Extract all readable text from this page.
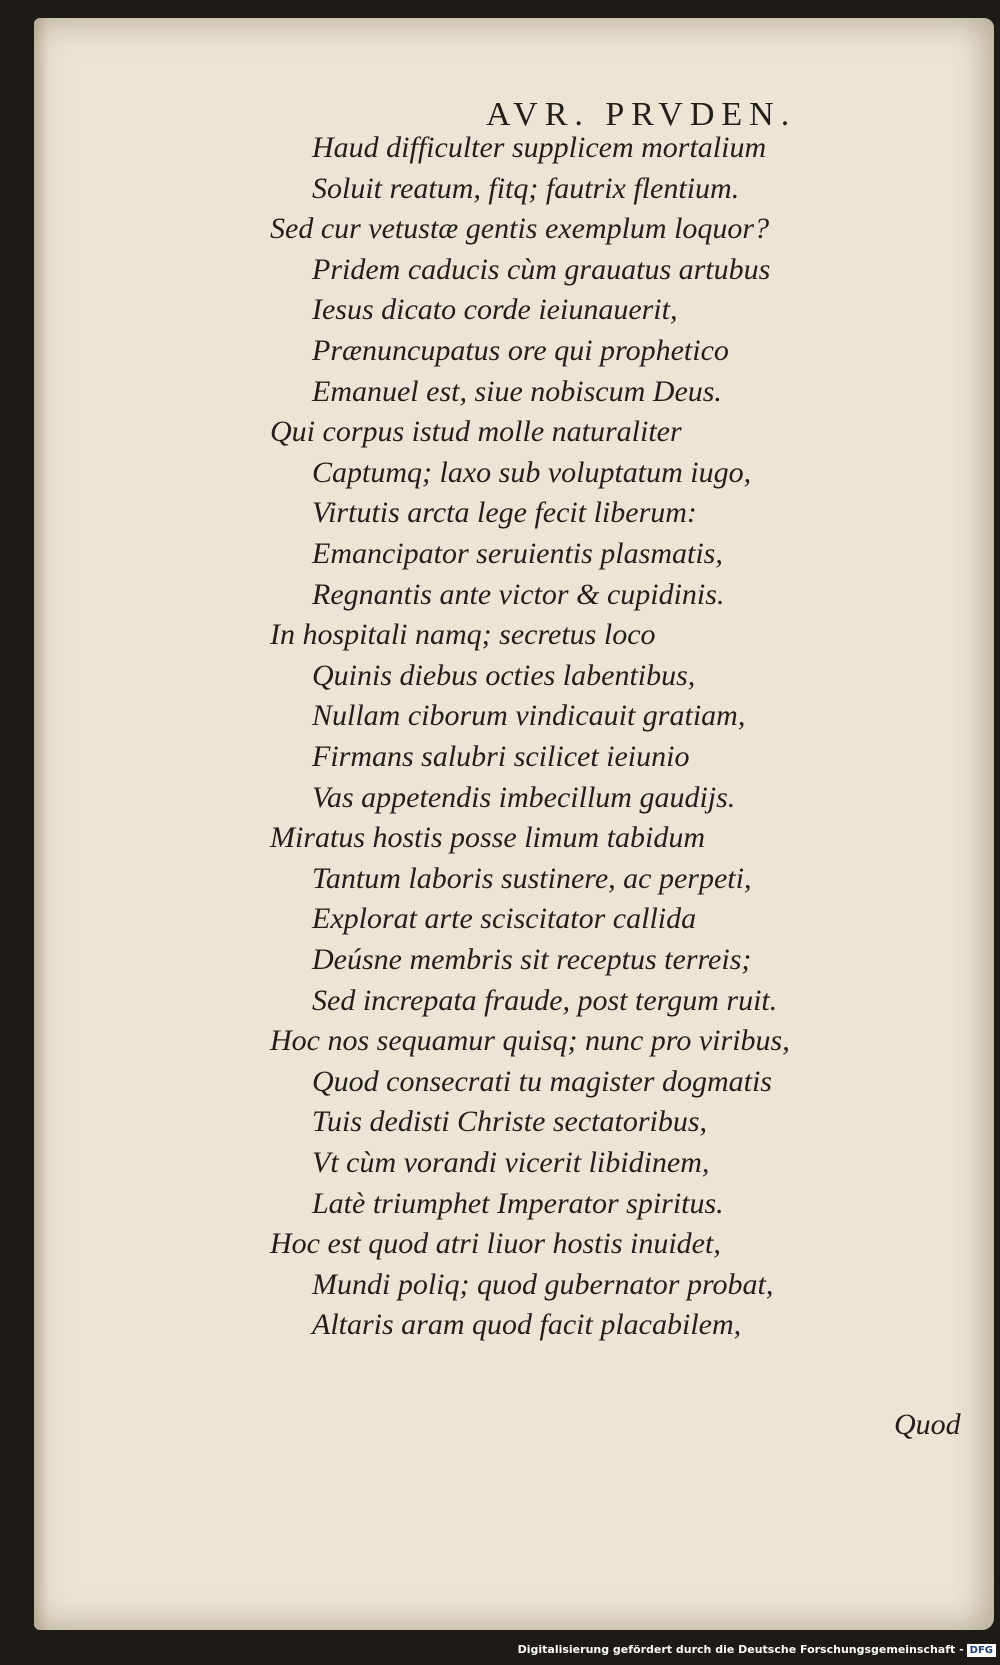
AVR. PRVDEN.

Haud difficulter supplicem mortalium

Soluit reatum, fitq; fautrix flentium.

Sed cur vetustæ gentis exemplum loquor?

Pridem caducis cùm grauatus artubus

Iesus dicato corde ieiunauerit,

Prænuncupatus ore qui prophetico

Emanuel est, siue nobiscum Deus.

Qui corpus istud molle naturaliter

Captumq; laxo sub voluptatum iugo,

Virtutis arcta lege fecit liberum:

Emancipator seruientis plasmatis,

Regnantis ante victor & cupidinis.

In hospitali namq; secretus loco

Quinis diebus octies labentibus,

Nullam ciborum vindicauit gratiam,

Firmans salubri scilicet ieiunio

Vas appetendis imbecillum gaudijs.

Miratus hostis posse limum tabidum

Tantum laboris sustinere, ac perpeti,

Explorat arte sciscitator callida

Deúsne membris sit receptus terreis;

Sed increpata fraude, post tergum ruit.

Hoc nos sequamur quisq; nunc pro viribus,

Quod consecrati tu magister dogmatis

Tuis dedisti Christe sectatoribus,

Vt cùm vorandi vicerit libidinem,

Latè triumphet Imperator spiritus.

Hoc est quod atri liuor hostis inuidet,

Mundi poliq; quod gubernator probat,

Altaris aram quod facit placabilem,

Quod
Digitalisierung gefördert durch die Deutsche Forschungsgemeinschaft - DFG
